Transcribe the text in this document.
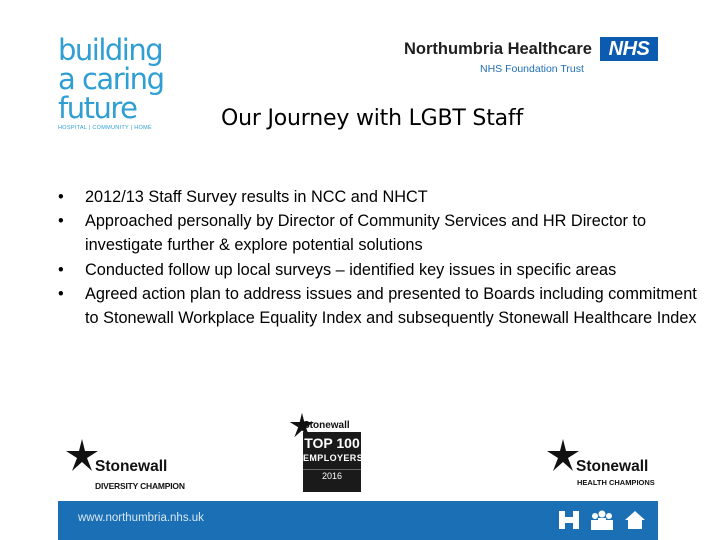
building
a caring
future
HOSPITAL | COMMUNITY | HOME
Northumbria Healthcare NHS
NHS Foundation Trust
Our Journey with LGBT Staff
•	2012/13 Staff Survey results in NCC and NHCT
•	Approached personally by Director of Community Services and HR Director to investigate further & explore potential solutions
•	Conducted follow up local surveys – identified key issues in specific areas
•	Agreed action plan to address issues and presented to Boards including commitment to Stonewall Workplace Equality Index and subsequently Stonewall Healthcare Index
Stonewall
DIVERSITY CHAMPION
Stonewall
TOP 100
EMPLOYERS
2016
Stonewall
HEALTH CHAMPIONS
www.northumbria.nhs.uk
